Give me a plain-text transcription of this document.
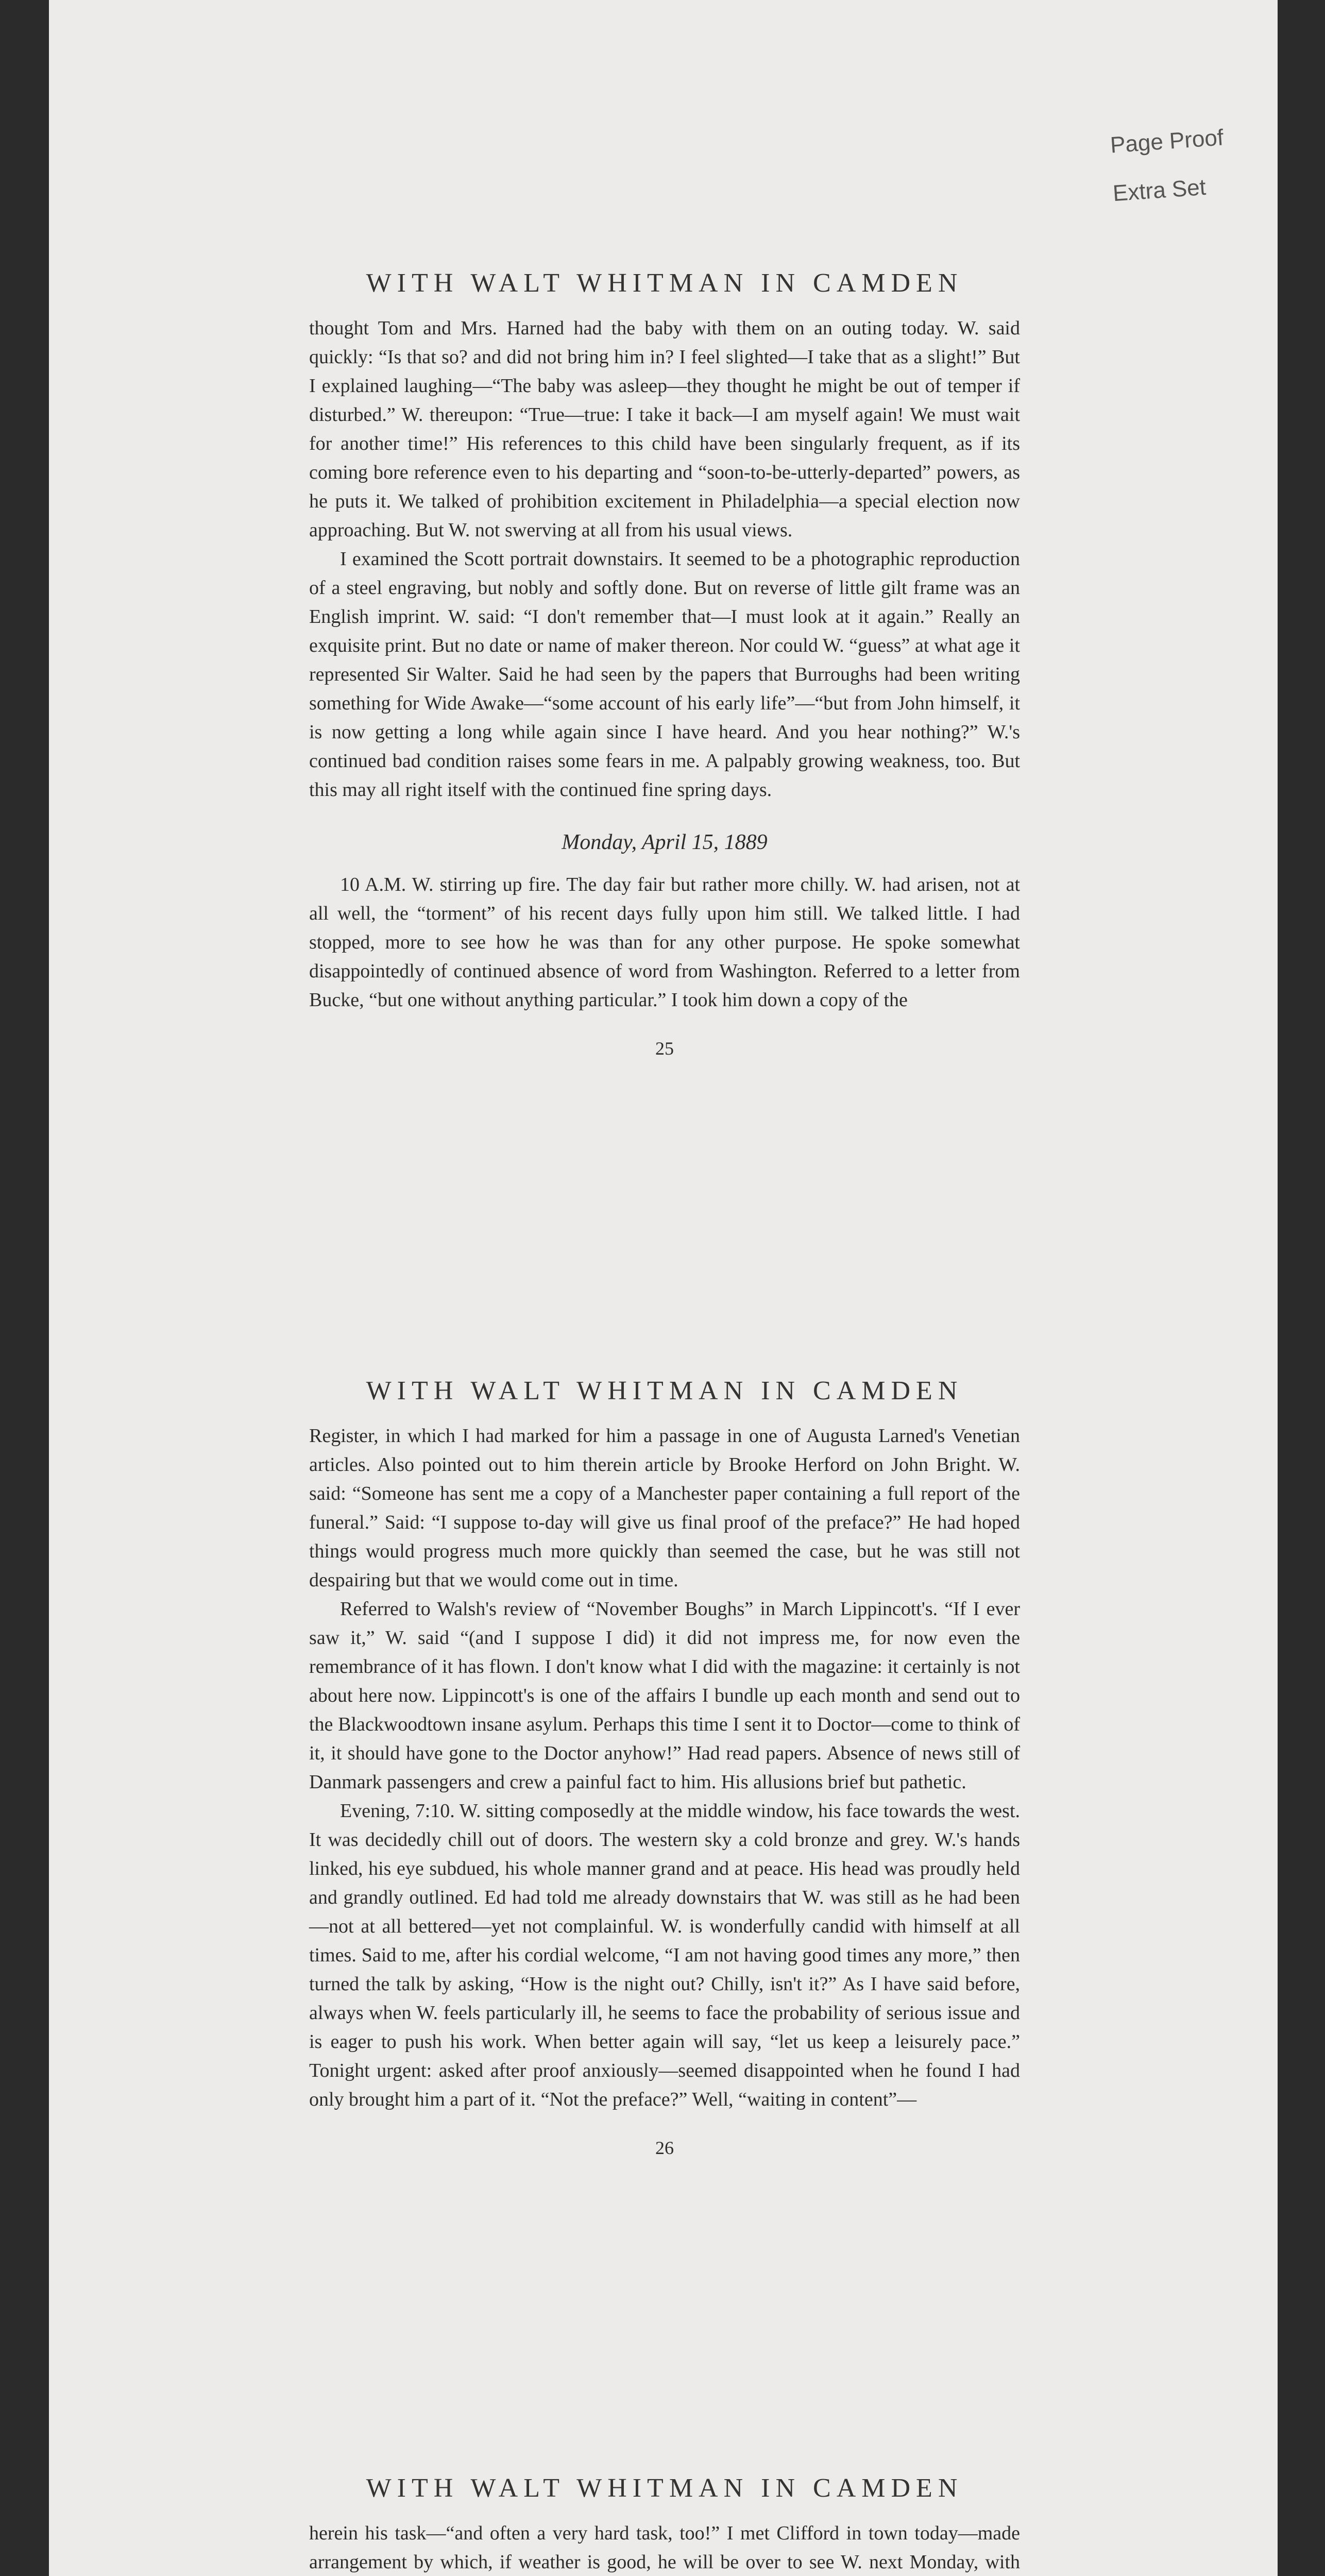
Page Proof
Extra Set
WITH WALT WHITMAN IN CAMDEN

thought Tom and Mrs. Harned had the baby with them on an outing today. W. said quickly: “Is that so? and did not bring him in? I feel slighted—I take that as a slight!” But I explained laughing—“The baby was asleep—they thought he might be out of temper if disturbed.” W. thereupon: “True—true: I take it back—I am myself again! We must wait for another time!” His references to this child have been singularly frequent, as if its coming bore reference even to his departing and “soon-to-be-utterly-departed” powers, as he puts it. We talked of prohibition excitement in Philadelphia—a special election now approaching. But W. not swerving at all from his usual views.

I examined the Scott portrait downstairs. It seemed to be a photographic reproduction of a steel engraving, but nobly and softly done. But on reverse of little gilt frame was an English imprint. W. said: “I don't remember that—I must look at it again.” Really an exquisite print. But no date or name of maker thereon. Nor could W. “guess” at what age it represented Sir Walter. Said he had seen by the papers that Burroughs had been writing something for Wide Awake—“some account of his early life”—“but from John himself, it is now getting a long while again since I have heard. And you hear nothing?” W.'s continued bad condition raises some fears in me. A palpably growing weakness, too. But this may all right itself with the continued fine spring days.

Monday, April 15, 1889

10 A.M. W. stirring up fire. The day fair but rather more chilly. W. had arisen, not at all well, the “torment” of his recent days fully upon him still. We talked little. I had stopped, more to see how he was than for any other purpose. He spoke somewhat disappointedly of continued absence of word from Washington. Referred to a letter from Bucke, “but one without anything particular.” I took him down a copy of the

25
WITH WALT WHITMAN IN CAMDEN

Register, in which I had marked for him a passage in one of Augusta Larned's Venetian articles. Also pointed out to him therein article by Brooke Herford on John Bright. W. said: “Someone has sent me a copy of a Manchester paper containing a full report of the funeral.” Said: “I suppose to-day will give us final proof of the preface?” He had hoped things would progress much more quickly than seemed the case, but he was still not despairing but that we would come out in time.

Referred to Walsh's review of “November Boughs” in March Lippincott's. “If I ever saw it,” W. said “(and I suppose I did) it did not impress me, for now even the remembrance of it has flown. I don't know what I did with the magazine: it certainly is not about here now. Lippincott's is one of the affairs I bundle up each month and send out to the Blackwoodtown insane asylum. Perhaps this time I sent it to Doctor—come to think of it, it should have gone to the Doctor anyhow!” Had read papers. Absence of news still of Danmark passengers and crew a painful fact to him. His allusions brief but pathetic.

Evening, 7:10. W. sitting composedly at the middle window, his face towards the west. It was decidedly chill out of doors. The western sky a cold bronze and grey. W.'s hands linked, his eye subdued, his whole manner grand and at peace. His head was proudly held and grandly outlined. Ed had told me already downstairs that W. was still as he had been—not at all bettered—yet not complainful. W. is wonderfully candid with himself at all times. Said to me, after his cordial welcome, “I am not having good times any more,” then turned the talk by asking, “How is the night out? Chilly, isn't it?” As I have said before, always when W. feels particularly ill, he seems to face the probability of serious issue and is eager to push his work. When better again will say, “let us keep a leisurely pace.” Tonight urgent: asked after proof anxiously—seemed disappointed when he found I had only brought him a part of it. “Not the preface?” Well, “waiting in content”—

26
WITH WALT WHITMAN IN CAMDEN

herein his task—“and often a very hard task, too!” I met Clifford in town today—made arrangement by which, if weather is good, he will be over to see W. next Monday, with
